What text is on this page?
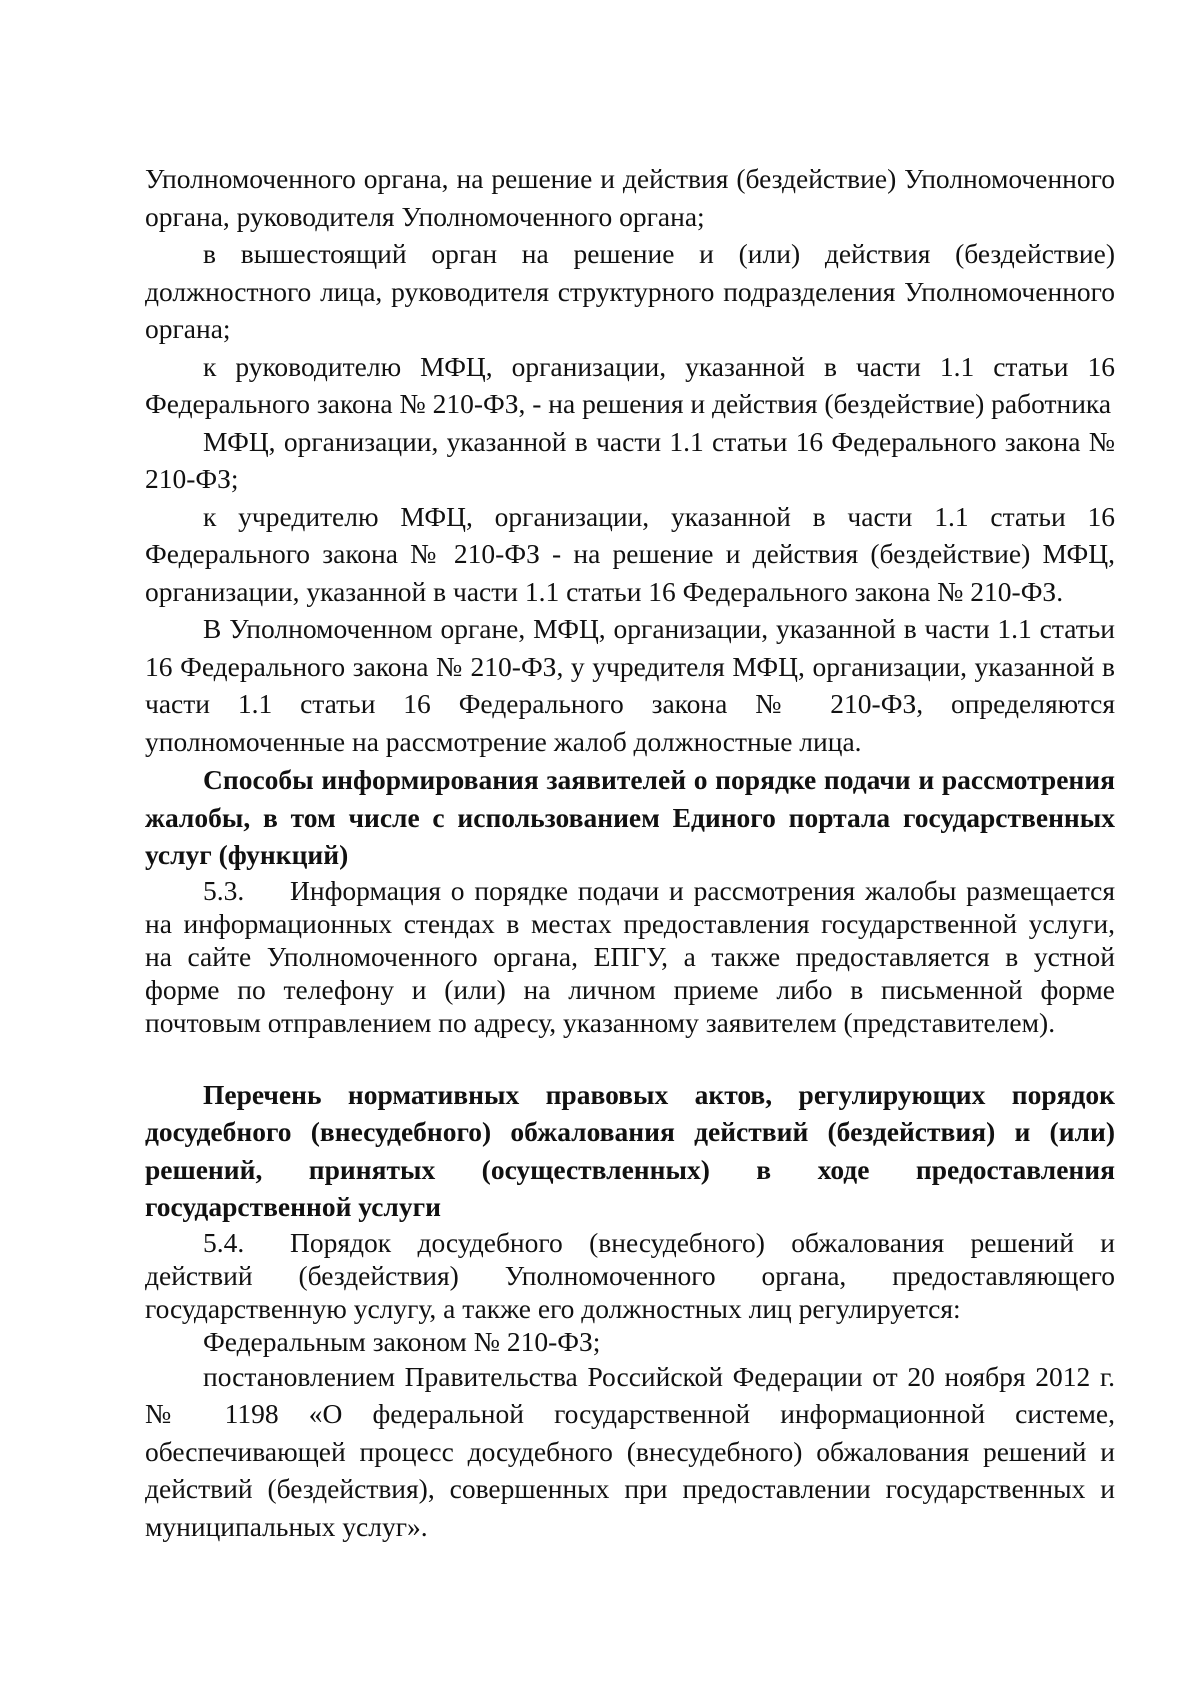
Уполномоченного органа, на решение и действия (бездействие) Уполномоченного органа, руководителя Уполномоченного органа;

в вышестоящий орган на решение и (или) действия (бездействие) должностного лица, руководителя структурного подразделения Уполномоченного органа;

к руководителю МФЦ, организации, указанной в части 1.1 статьи 16 Федерального закона № 210-ФЗ, - на решения и действия (бездействие) работника

МФЦ, организации, указанной в части 1.1 статьи 16 Федерального закона № 210-ФЗ;

к учредителю МФЦ, организации, указанной в части 1.1 статьи 16 Федерального закона № 210-ФЗ - на решение и действия (бездействие) МФЦ, организации, указанной в части 1.1 статьи 16 Федерального закона № 210-ФЗ.

В Уполномоченном органе, МФЦ, организации, указанной в части 1.1 статьи 16 Федерального закона № 210-ФЗ, у учредителя МФЦ, организации, указанной в части 1.1 статьи 16 Федерального закона № 210-ФЗ, определяются уполномоченные на рассмотрение жалоб должностные лица.

Способы информирования заявителей о порядке подачи и рассмотрения жалобы, в том числе с использованием Единого портала государственных услуг (функций)

5.3. Информация о порядке подачи и рассмотрения жалобы размещается на информационных стендах в местах предоставления государственной услуги, на сайте Уполномоченного органа, ЕПГУ, а также предоставляется в устной форме по телефону и (или) на личном приеме либо в письменной форме почтовым отправлением по адресу, указанному заявителем (представителем).

Перечень нормативных правовых актов, регулирующих порядок досудебного (внесудебного) обжалования действий (бездействия) и (или) решений, принятых (осуществленных) в ходе предоставления государственной услуги

5.4. Порядок досудебного (внесудебного) обжалования решений и действий (бездействия) Уполномоченного органа, предоставляющего государственную услугу, а также его должностных лиц регулируется:

Федеральным законом № 210-ФЗ;

постановлением Правительства Российской Федерации от 20 ноября 2012 г. № 1198 «О федеральной государственной информационной системе, обеспечивающей процесс досудебного (внесудебного) обжалования решений и действий (бездействия), совершенных при предоставлении государственных и муниципальных услуг».
